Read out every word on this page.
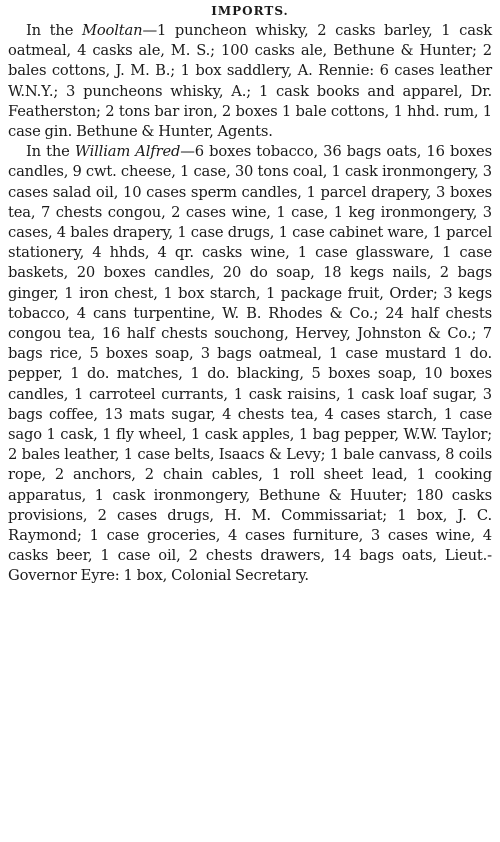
IMPORTS.

In the Mooltan—1 puncheon whisky, 2 casks barley, 1 cask oatmeal, 4 casks ale, M. S.; 100 casks ale, Bethune & Hunter; 2 bales cottons, J. M. B.; 1 box saddlery, A. Rennie: 6 cases leather W.N.Y.; 3 puncheons whisky, A.; 1 cask books and apparel, Dr. Featherston; 2 tons bar iron, 2 boxes 1 bale cottons, 1 hhd. rum, 1 case gin. Bethune & Hunter, Agents.

In the William Alfred—6 boxes tobacco, 36 bags oats, 16 boxes candles, 9 cwt. cheese, 1 case, 30 tons coal, 1 cask ironmongery, 3 cases salad oil, 10 cases sperm candles, 1 parcel drapery, 3 boxes tea, 7 chests congou, 2 cases wine, 1 case, 1 keg ironmongery, 3 cases, 4 bales drapery, 1 case drugs, 1 case cabinet ware, 1 parcel stationery, 4 hhds, 4 qr. casks wine, 1 case glassware, 1 case baskets, 20 boxes candles, 20 do soap, 18 kegs nails, 2 bags ginger, 1 iron chest, 1 box starch, 1 package fruit, Order; 3 kegs tobacco, 4 cans turpentine, W. B. Rhodes & Co.; 24 half chests congou tea, 16 half chests souchong, Hervey, Johnston & Co.; 7 bags rice, 5 boxes soap, 3 bags oatmeal, 1 case mustard 1 do. pepper, 1 do. matches, 1 do. blacking, 5 boxes soap, 10 boxes candles, 1 carroteel currants, 1 cask raisins, 1 cask loaf sugar, 3 bags coffee, 13 mats sugar, 4 chests tea, 4 cases starch, 1 case sago 1 cask, 1 fly wheel, 1 cask apples, 1 bag pepper, W.W. Taylor; 2 bales leather, 1 case belts, Isaacs & Levy; 1 bale canvass, 8 coils rope, 2 anchors, 2 chain cables, 1 roll sheet lead, 1 cooking apparatus, 1 cask ironmongery, Bethune & Huuter; 180 casks provisions, 2 cases drugs, H. M. Commissariat; 1 box, J. C. Raymond; 1 case groceries, 4 cases furniture, 3 cases wine, 4 casks beer, 1 case oil, 2 chests drawers, 14 bags oats, Lieut.-Governor Eyre: 1 box, Colonial Secretary.
